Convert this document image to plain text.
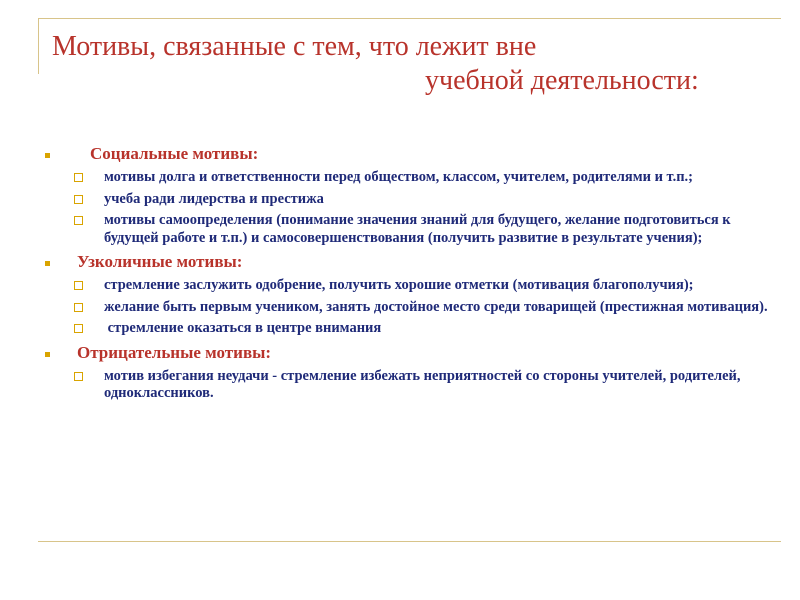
Мотивы, связанные с тем, что лежит вне
учебной деятельности:
Социальные мотивы:
мотивы долга и ответственности перед обществом, классом, учителем, родителями и т.п.;
учеба ради лидерства и престижа
мотивы самоопределения (понимание значения знаний для будущего, желание подготовиться к будущей работе и т.п.) и самосовершенствования (получить развитие в результате учения);
Узколичные мотивы:
стремление заслужить одобрение, получить хорошие отметки (мотивация благополучия);
желание быть первым учеником, занять достойное место среди товарищей (престижная мотивация).
стремление оказаться в центре внимания
Отрицательные мотивы:
мотив избегания неудачи - стремление избежать неприятностей со стороны учителей, родителей, одноклассников.
